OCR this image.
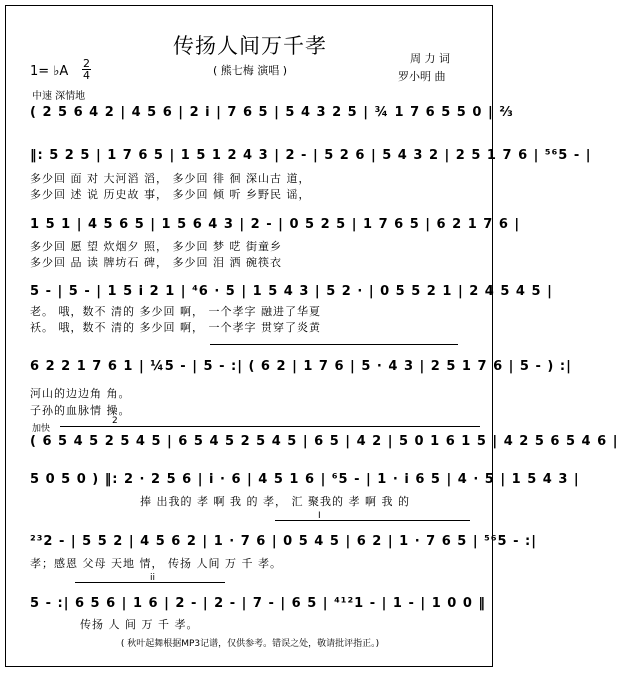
传扬人间万千孝
( 熊七梅 演唱 )
周 力 词
罗小明 曲
1= ♭A
2
4
中速 深情地
( 2 5 6 4 2 | 4 5 6 | 2 i | 7 6 5 | 5 4 3 2 5 | ¾ 1 7 6 5 5 0 | ⅔
‖: 5 2 5 | 1 7 6 5 | 1 5 1 2 4 3 | 2 - | 5 2 6 | 5 4 3 2 | 2 5 1 7 6 | ⁵⁶5 - |
多少回 面 对 大河滔 滔， 多少回 徘 徊 深山古 道，
多少回 述 说 历史故 事， 多少回 倾 听 乡野民 谣，
1 5 1 | 4 5 6 5 | 1 5 6 4 3 | 2 - | 0 5 2 5 | 1 7 6 5 | 6 2 1 7 6 |
多少回 愿 望 炊烟夕 照， 多少回 梦 呓 街童乡
多少回 品 读 牌坊石 碑， 多少回 泪 洒 碗筷衣
5 - | 5 - | 1 5 i 2 1 | ⁴6 · 5 | 1 5 4 3 | 5 2 · | 0 5 5 2 1 | 2 4 5 4 5 |
老。 哦，数不 清的 多少回 啊， 一个孝字 融进了华夏
袄。 哦，数不 清的 多少回 啊， 一个孝字 贯穿了炎黄
6 2 2 1 7 6 1 | ¼5 - | 5 - :| ( 6 2 | 1 7 6 | 5 · 4 3 | 2 5 1 7 6 | 5 - ) :|
河山的边边角 角。
子孙的血脉情 操。
加快
2
( 6 5 4 5 2 5 4 5 | 6 5 4 5 2 5 4 5 | 6 5 | 4 2 | 5 0 1 6 1 5 | 4 2 5 6 5 4 6 |
5 0 5 0 ) ‖: 2 · 2 5 6 | i · 6 | 4 5 1 6 | ⁶5 - | 1 · i 6 5 | 4 · 5 | 1 5 4 3 |
捧 出我的 孝 啊 我 的 孝， 汇 聚我的 孝 啊 我 的
I
²³2 - | 5 5 2 | 4 5 6 2 | 1 · 7 6 | 0 5 4 5 | 6 2 | 1 · 7 6 5 | ⁵⁶5 - :|
孝；感恩 父母 天地 情， 传扬 人间 万 千 孝。
ii
5 - :| 6 5 6 | 1 6 | 2 - | 2 - | 7 - | 6 5 | ⁴¹²1 - | 1 - | 1 0 0 ‖
传扬 人 间 万 千 孝。
( 秋叶起舞根据MP3记谱，仅供参考。错误之处，敬请批评指正。)
